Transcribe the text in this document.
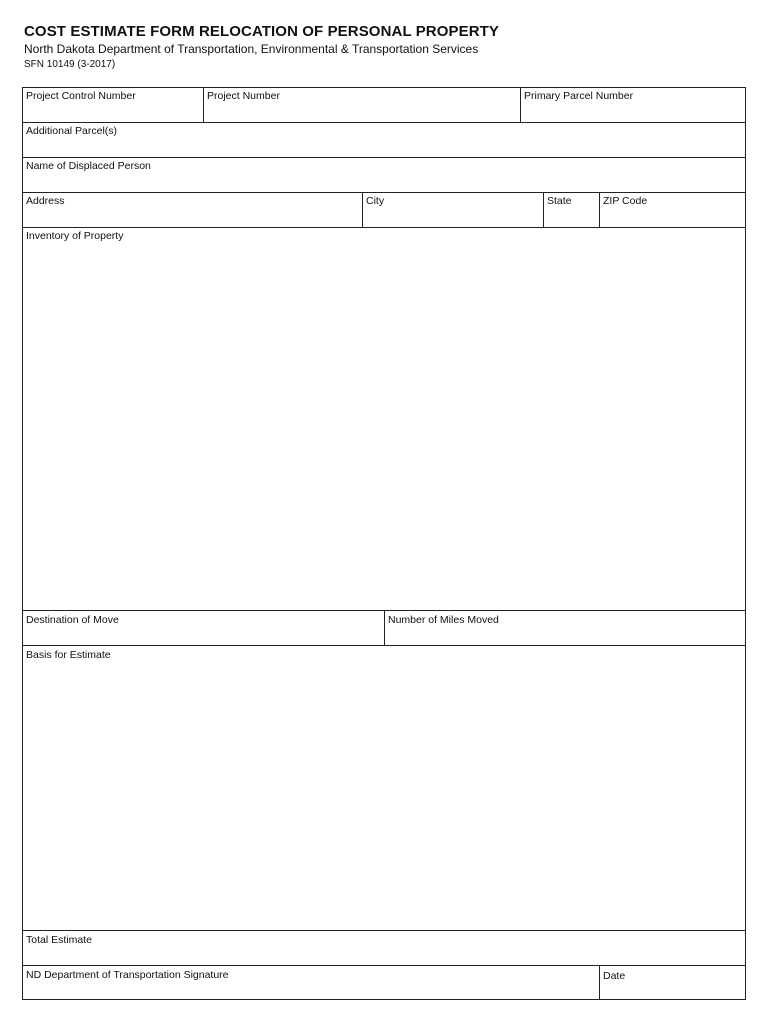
COST ESTIMATE FORM RELOCATION OF PERSONAL PROPERTY

North Dakota Department of Transportation, Environmental & Transportation Services

SFN 10149 (3-2017)

Project Control Number	Project Number	Primary Parcel Number
Additional Parcel(s)
Name of Displaced Person
Address	City	State	ZIP Code
Inventory of Property
Destination of Move	Number of Miles Moved
Basis for Estimate
Total Estimate
ND Department of Transportation Signature	Date
